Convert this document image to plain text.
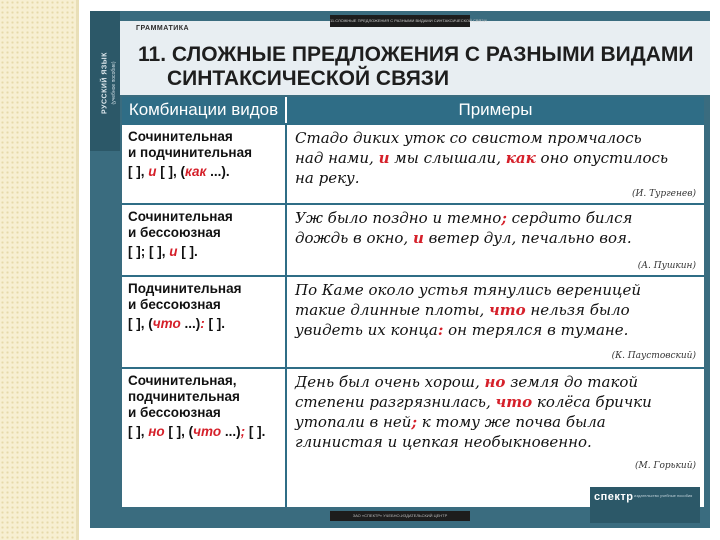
РУССКИЙ ЯЗЫК (учебное пособие)
11.СЛОЖНЫЕ ПРЕДЛОЖЕНИЯ С РАЗНЫМИ ВИДАМИ СИНТАКСИЧЕСКОЙ СВЯЗИ
ГРАММАТИКА
11. СЛОЖНЫЕ ПРЕДЛОЖЕНИЯ С РАЗНЫМИ ВИДАМИ
СИНТАКСИЧЕСКОЙ СВЯЗИ
Комбинации видов	Примеры
Сочинительная
и подчинительная
[ ], и [ ], (как ...).
Стадо диких уток со свистом промчалось
над нами, и мы слышали, как оно опустилось
на реку.
(И. Тургенев)
Сочинительная
и бессоюзная
[ ]; [ ], и [ ].
Уж было поздно и темно; сердито бился
дождь в окно, и ветер дул, печально воя.
(А. Пушкин)
Подчинительная
и бессоюзная
[ ], (что ...): [ ].
По Каме около устья тянулись вереницей
такие длинные плоты, что нельзя было
увидеть их конца: он терялся в тумане.
(К. Паустовский)
Сочинительная,
подчинительная
и бессоюзная
[ ], но [ ], (что ...); [ ].
День был очень хорош, но земля до такой
степени разгрязнилась, что колёса брички
утопали в ней; к тому же почва была
глинистая и цепкая необыкновенно.
(М. Горький)
спектр издательство учебные пособия
ЗАО «СПЕКТР» УЧЕБНО-ИЗДАТЕЛЬСКИЙ ЦЕНТР
